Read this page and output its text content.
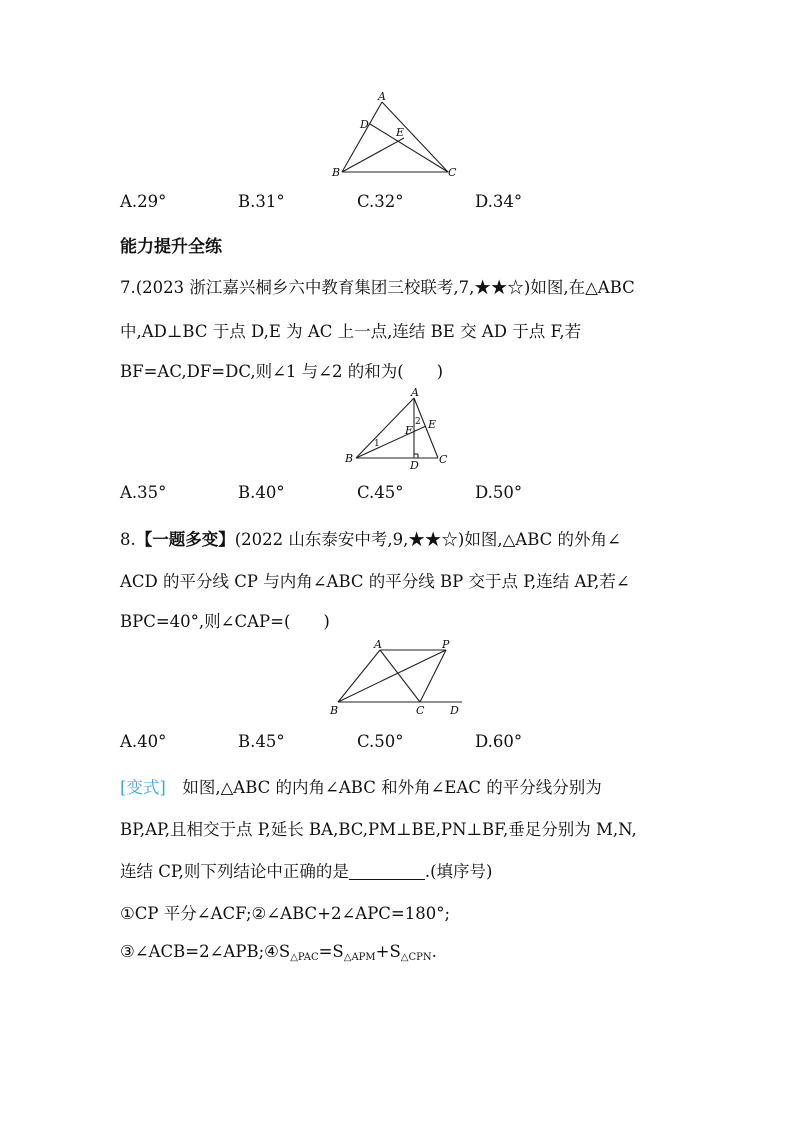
A
D
E
B	C
A.29°	B.31°	C.32°	D.34°
能力提升全练
7.(2023 浙江嘉兴桐乡六中教育集团三校联考,7,★★☆)如图,在△ABC
中,AD⊥BC 于点 D,E 为 AC 上一点,连结 BE 交 AD 于点 F,若
BF=AC,DF=DC,则∠1 与∠2 的和为(　　)
A
2 E
F
1
B
D C
A.35°	B.40°	C.45°	D.50°
8.【一题多变】(2022 山东泰安中考,9,★★☆)如图,△ABC 的外角∠
ACD 的平分线 CP 与内角∠ABC 的平分线 BP 交于点 P,连结 AP,若∠
BPC=40°,则∠CAP=(　　)
A	P
B	C D
A.40°	B.45°	C.50°	D.60°
[变式]　如图,△ABC 的内角∠ABC 和外角∠EAC 的平分线分别为
BP,AP,且相交于点 P,延长 BA,BC,PM⊥BE,PN⊥BF,垂足分别为 M,N,
连结 CP,则下列结论中正确的是	.(填序号)
①CP 平分∠ACF;②∠ABC+2∠APC=180°;
$③\angle ACB=2\angle APB;④S_{\triangle PAC}=S_{\triangle APM}+S_{\triangle CPN}$.
